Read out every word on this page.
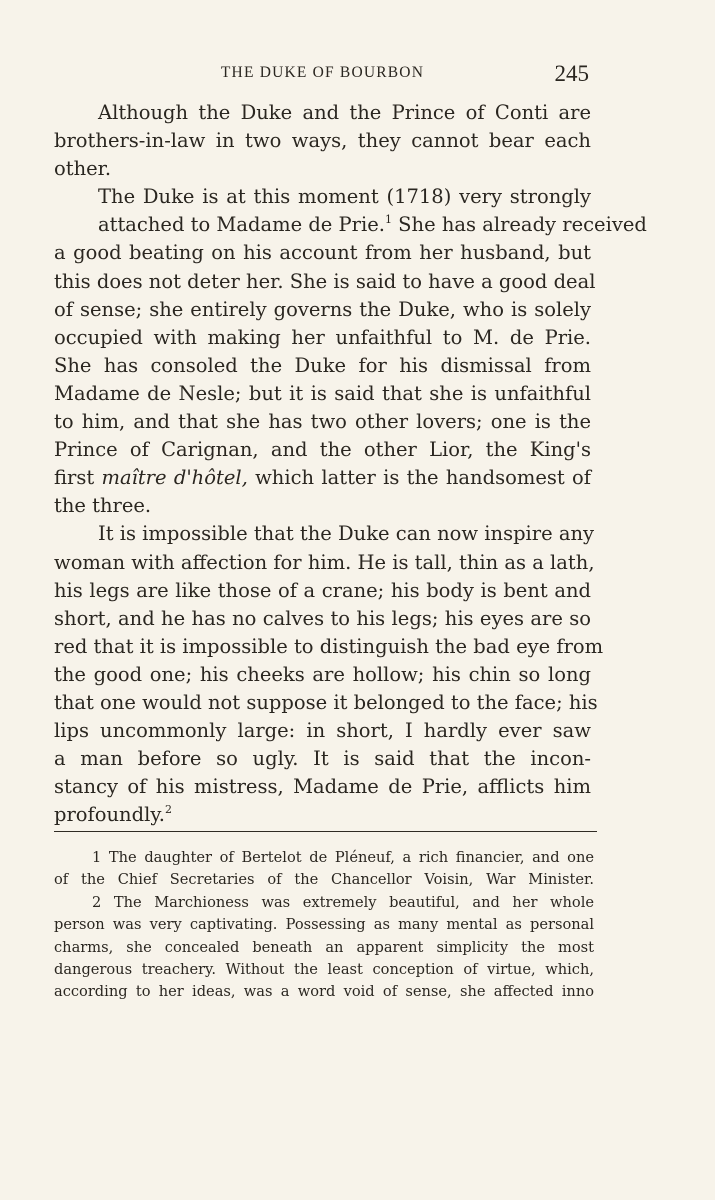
THE DUKE OF BOURBON	245
Although the Duke and the Prince of Conti are
brothers-in-law in two ways, they cannot bear each
other.
The Duke is at this moment (1718) very strongly
attached to Madame de Prie.$^1$ She has already received
a good beating on his account from her husband, but
this does not deter her. She is said to have a good deal
of sense; she entirely governs the Duke, who is solely
occupied with making her unfaithful to M. de Prie.
She has consoled the Duke for his dismissal from
Madame de Nesle; but it is said that she is unfaithful
to him, and that she has two other lovers; one is the
Prince of Carignan, and the other Lior, the King's
first maître d'hôtel, which latter is the handsomest of
the three.
It is impossible that the Duke can now inspire any
woman with affection for him. He is tall, thin as a lath,
his legs are like those of a crane; his body is bent and
short, and he has no calves to his legs; his eyes are so
red that it is impossible to distinguish the bad eye from
the good one; his cheeks are hollow; his chin so long
that one would not suppose it belonged to the face; his
lips uncommonly large: in short, I hardly ever saw
a man before so ugly. It is said that the incon-
stancy of his mistress, Madame de Prie, afflicts him
profoundly.$^2$
1 The daughter of Bertelot de Pléneuf, a rich financier, and one
of the Chief Secretaries of the Chancellor Voisin, War Minister.
2 The Marchioness was extremely beautiful, and her whole
person was very captivating. Possessing as many mental as personal
charms, she concealed beneath an apparent simplicity the most
dangerous treachery. Without the least conception of virtue, which,
according to her ideas, was a word void of sense, she affected inno
